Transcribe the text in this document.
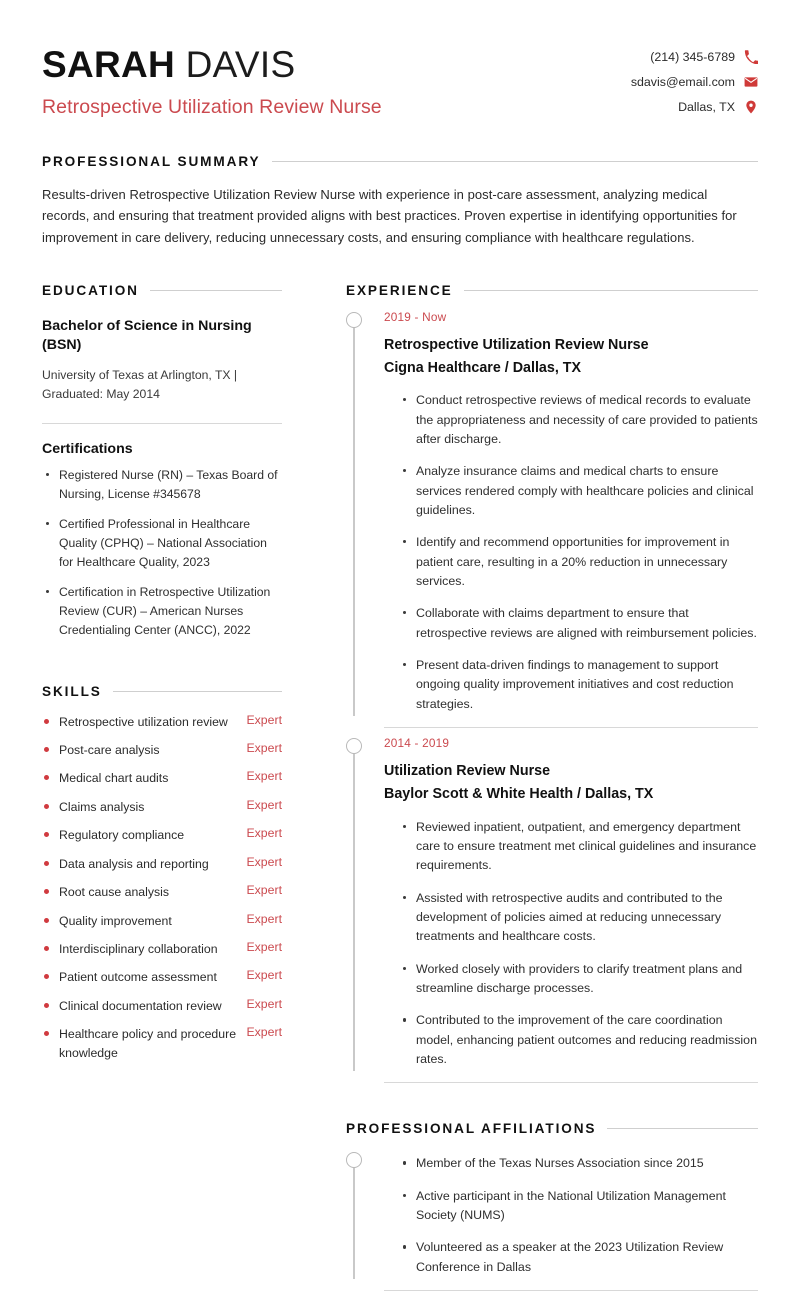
SARAH DAVIS
Retrospective Utilization Review Nurse
(214) 345-6789
sdavis@email.com
Dallas, TX
PROFESSIONAL SUMMARY
Results-driven Retrospective Utilization Review Nurse with experience in post-care assessment, analyzing medical records, and ensuring that treatment provided aligns with best practices. Proven expertise in identifying opportunities for improvement in care delivery, reducing unnecessary costs, and ensuring compliance with healthcare regulations.
EDUCATION
Bachelor of Science in Nursing (BSN)
University of Texas at Arlington, TX |
Graduated: May 2014
Certifications
Registered Nurse (RN) – Texas Board of Nursing, License #345678
Certified Professional in Healthcare Quality (CPHQ) – National Association for Healthcare Quality, 2023
Certification in Retrospective Utilization Review (CUR) – American Nurses Credentialing Center (ANCC), 2022
SKILLS
Retrospective utilization review	Expert
Post-care analysis	Expert
Medical chart audits	Expert
Claims analysis	Expert
Regulatory compliance	Expert
Data analysis and reporting	Expert
Root cause analysis	Expert
Quality improvement	Expert
Interdisciplinary collaboration	Expert
Patient outcome assessment	Expert
Clinical documentation review	Expert
Healthcare policy and procedure knowledge
Expert
EXPERIENCE
2019 - Now
Retrospective Utilization Review Nurse
Cigna Healthcare / Dallas, TX
Conduct retrospective reviews of medical records to evaluate the appropriateness and necessity of care provided to patients after discharge.
Analyze insurance claims and medical charts to ensure services rendered comply with healthcare policies and clinical guidelines.
Identify and recommend opportunities for improvement in patient care, resulting in a 20% reduction in unnecessary services.
Collaborate with claims department to ensure that retrospective reviews are aligned with reimbursement policies.
Present data-driven findings to management to support ongoing quality improvement initiatives and cost reduction strategies.
2014 - 2019
Utilization Review Nurse
Baylor Scott & White Health / Dallas, TX
Reviewed inpatient, outpatient, and emergency department care to ensure treatment met clinical guidelines and insurance requirements.
Assisted with retrospective audits and contributed to the development of policies aimed at reducing unnecessary treatments and healthcare costs.
Worked closely with providers to clarify treatment plans and streamline discharge processes.
Contributed to the improvement of the care coordination model, enhancing patient outcomes and reducing readmission rates.
PROFESSIONAL AFFILIATIONS
Member of the Texas Nurses Association since 2015
Active participant in the National Utilization Management Society (NUMS)
Volunteered as a speaker at the 2023 Utilization Review Conference in Dallas
